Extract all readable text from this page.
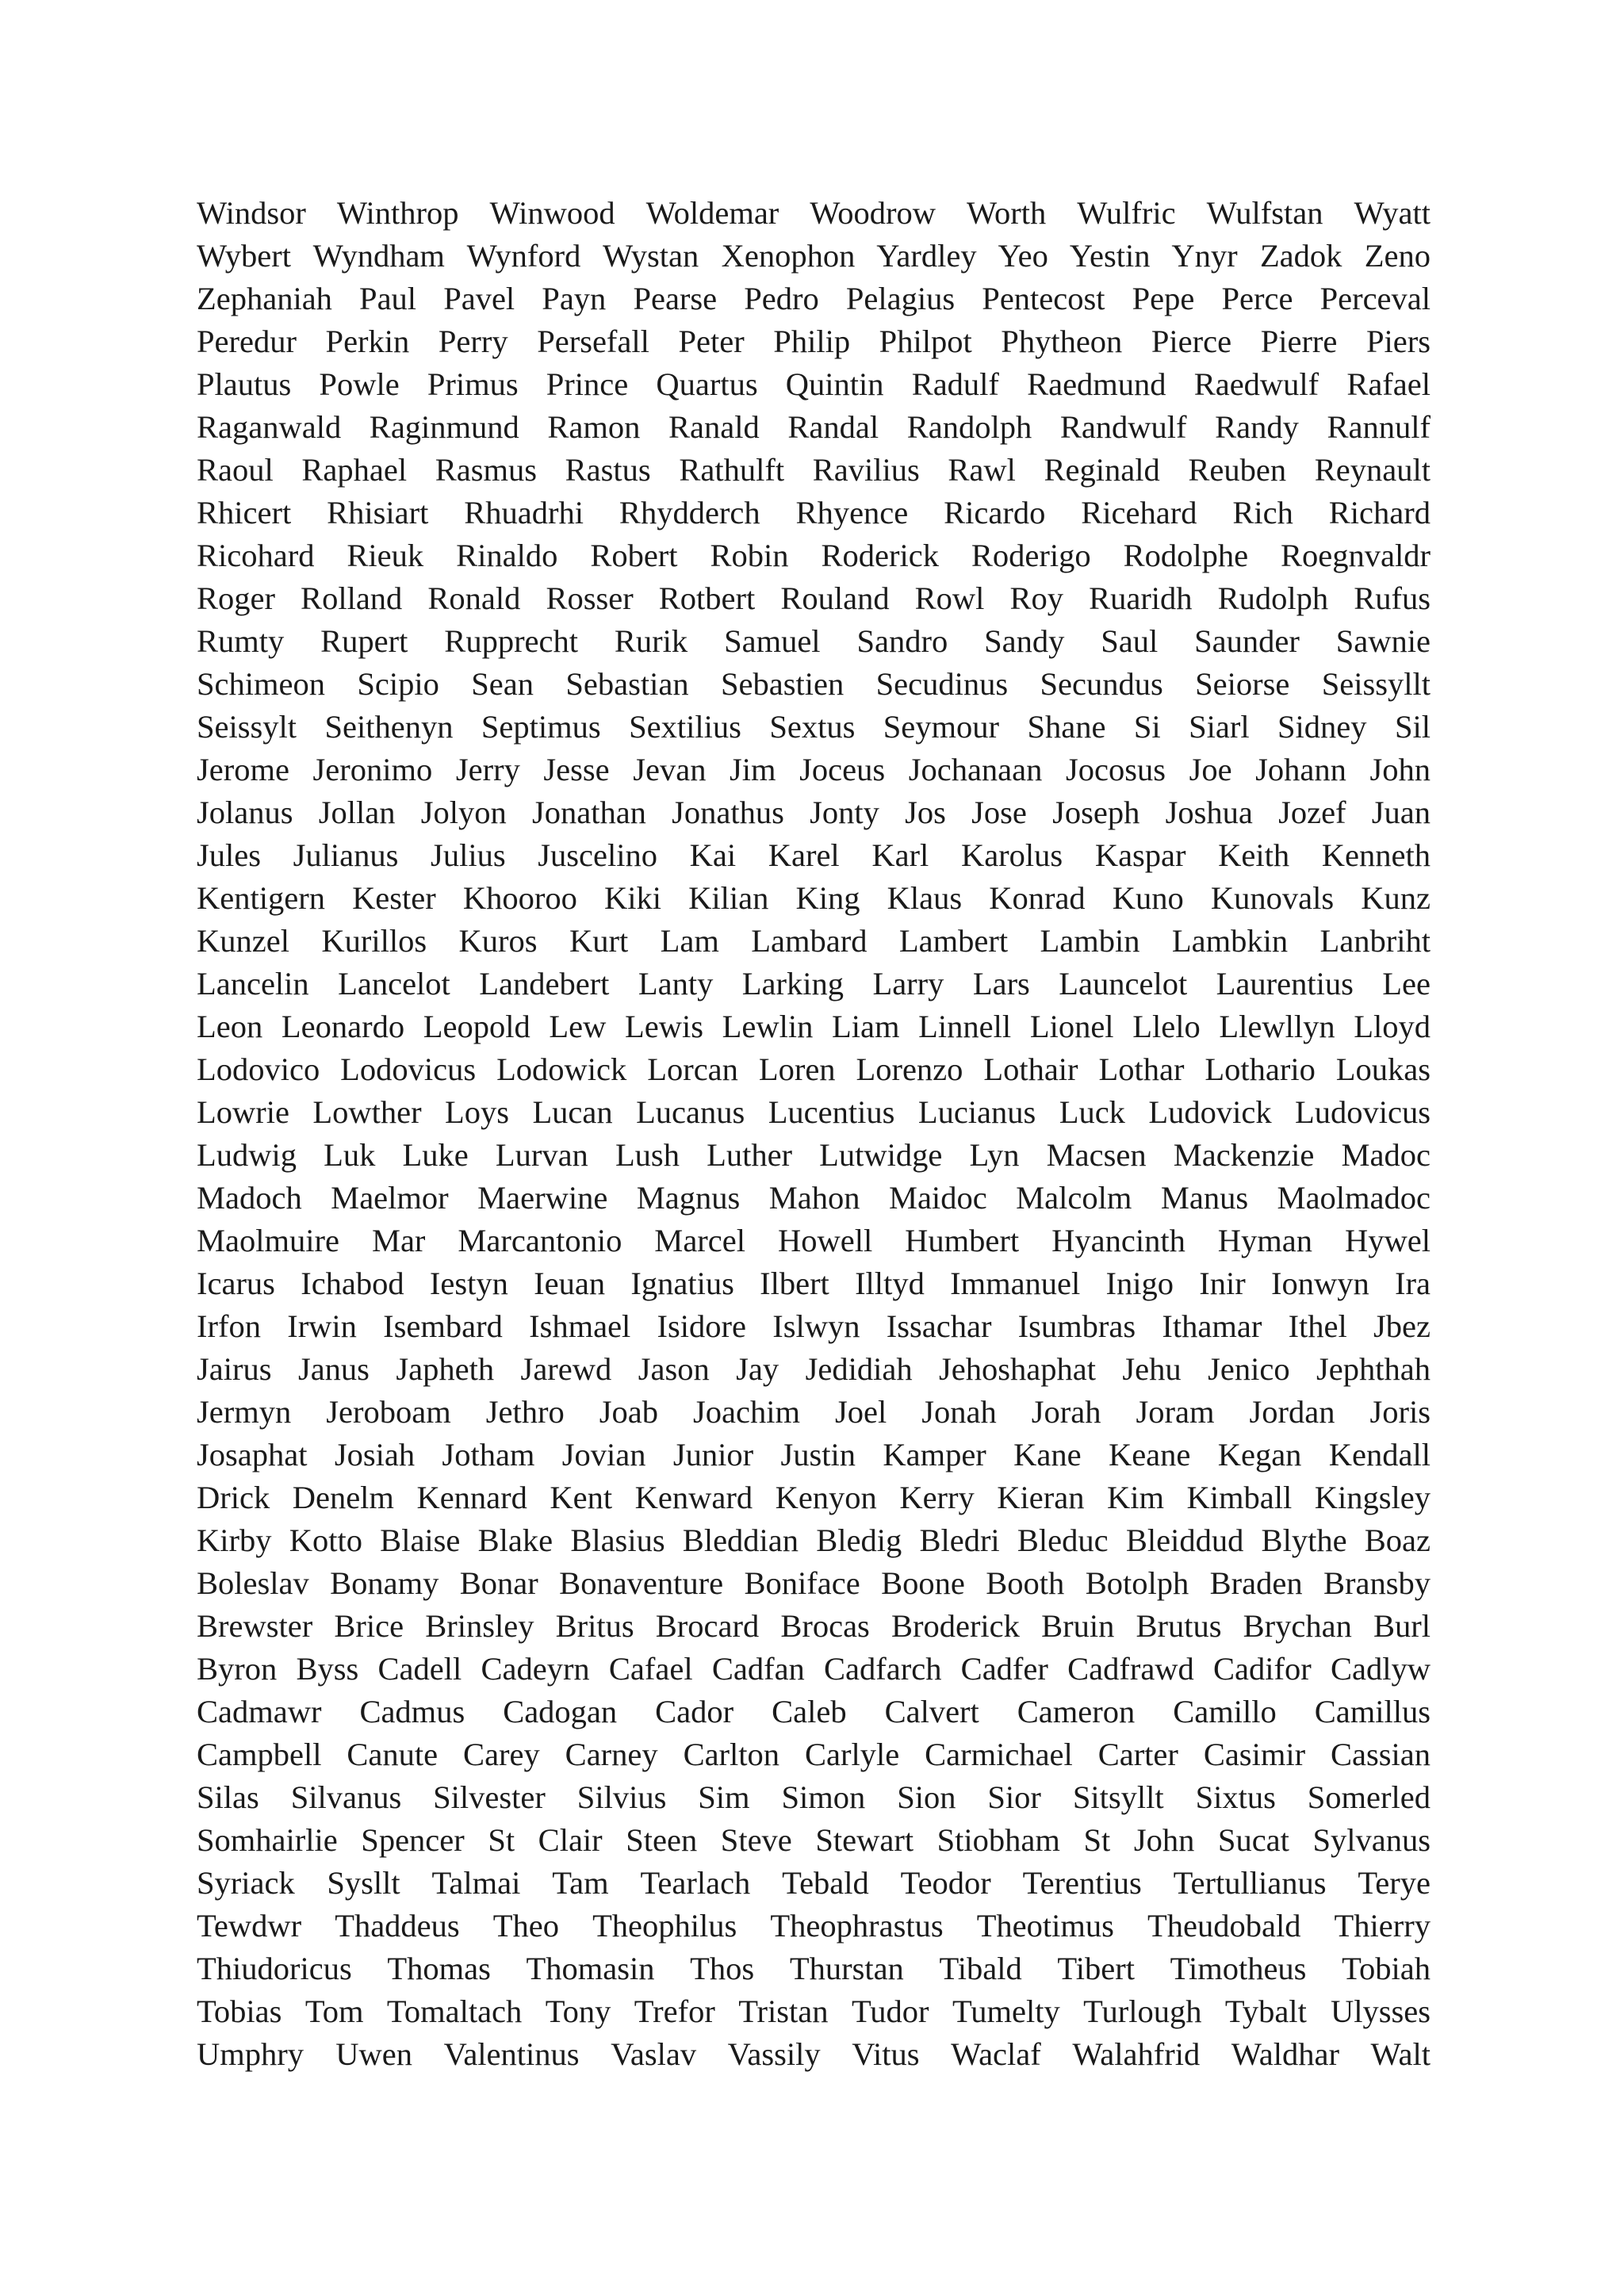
Windsor Winthrop Winwood Woldemar Woodrow Worth Wulfric Wulfstan Wyatt
Wybert Wyndham Wynford Wystan Xenophon Yardley Yeo Yestin Ynyr Zadok Zeno
Zephaniah Paul Pavel Payn Pearse Pedro Pelagius Pentecost Pepe Perce Perceval
Peredur Perkin Perry Persefall Peter Philip Philpot Phytheon Pierce Pierre Piers
Plautus Powle Primus Prince Quartus Quintin Radulf Raedmund Raedwulf Rafael
Raganwald Raginmund Ramon Ranald Randal Randolph Randwulf Randy Rannulf
Raoul Raphael Rasmus Rastus Rathulft Ravilius Rawl Reginald Reuben Reynault
Rhicert Rhisiart Rhuadrhi Rhydderch Rhyence Ricardo Ricehard Rich Richard
Ricohard Rieuk Rinaldo Robert Robin Roderick Roderigo Rodolphe Roegnvaldr
Roger Rolland Ronald Rosser Rotbert Rouland Rowl Roy Ruaridh Rudolph Rufus
Rumty Rupert Rupprecht Rurik Samuel Sandro Sandy Saul Saunder Sawnie
Schimeon Scipio Sean Sebastian Sebastien Secudinus Secundus Seiorse Seissyllt
Seissylt Seithenyn Septimus Sextilius Sextus Seymour Shane Si Siarl Sidney Sil
Jerome Jeronimo Jerry Jesse Jevan Jim Joceus Jochanaan Jocosus Joe Johann John
Jolanus Jollan Jolyon Jonathan Jonathus Jonty Jos Jose Joseph Joshua Jozef Juan
Jules Julianus Julius Juscelino Kai Karel Karl Karolus Kaspar Keith Kenneth
Kentigern Kester Khooroo Kiki Kilian King Klaus Konrad Kuno Kunovals Kunz
Kunzel Kurillos Kuros Kurt Lam Lambard Lambert Lambin Lambkin Lanbriht
Lancelin Lancelot Landebert Lanty Larking Larry Lars Launcelot Laurentius Lee
Leon Leonardo Leopold Lew Lewis Lewlin Liam Linnell Lionel Llelo Llewllyn Lloyd
Lodovico Lodovicus Lodowick Lorcan Loren Lorenzo Lothair Lothar Lothario Loukas
Lowrie Lowther Loys Lucan Lucanus Lucentius Lucianus Luck Ludovick Ludovicus
Ludwig Luk Luke Lurvan Lush Luther Lutwidge Lyn Macsen Mackenzie Madoc
Madoch Maelmor Maerwine Magnus Mahon Maidoc Malcolm Manus Maolmadoc
Maolmuire Mar Marcantonio Marcel Howell Humbert Hyancinth Hyman Hywel
Icarus Ichabod Iestyn Ieuan Ignatius Ilbert Illtyd Immanuel Inigo Inir Ionwyn Ira
Irfon Irwin Isembard Ishmael Isidore Islwyn Issachar Isumbras Ithamar Ithel Jbez
Jairus Janus Japheth Jarewd Jason Jay Jedidiah Jehoshaphat Jehu Jenico Jephthah
Jermyn Jeroboam Jethro Joab Joachim Joel Jonah Jorah Joram Jordan Joris
Josaphat Josiah Jotham Jovian Junior Justin Kamper Kane Keane Kegan Kendall
Drick Denelm Kennard Kent Kenward Kenyon Kerry Kieran Kim Kimball Kingsley
Kirby Kotto Blaise Blake Blasius Bleddian Bledig Bledri Bleduc Bleiddud Blythe Boaz
Boleslav Bonamy Bonar Bonaventure Boniface Boone Booth Botolph Braden Bransby
Brewster Brice Brinsley Britus Brocard Brocas Broderick Bruin Brutus Brychan Burl
Byron Byss Cadell Cadeyrn Cafael Cadfan Cadfarch Cadfer Cadfrawd Cadifor Cadlyw
Cadmawr Cadmus Cadogan Cador Caleb Calvert Cameron Camillo Camillus
Campbell Canute Carey Carney Carlton Carlyle Carmichael Carter Casimir Cassian
Silas Silvanus Silvester Silvius Sim Simon Sion Sior Sitsyllt Sixtus Somerled
Somhairlie Spencer St Clair Steen Steve Stewart Stiobham St John Sucat Sylvanus
Syriack Sysllt Talmai Tam Tearlach Tebald Teodor Terentius Tertullianus Terye
Tewdwr Thaddeus Theo Theophilus Theophrastus Theotimus Theudobald Thierry
Thiudoricus Thomas Thomasin Thos Thurstan Tibald Tibert Timotheus Tobiah
Tobias Tom Tomaltach Tony Trefor Tristan Tudor Tumelty Turlough Tybalt Ulysses
Umphry Uwen Valentinus Vaslav Vassily Vitus Waclaf Walahfrid Waldhar Walt
